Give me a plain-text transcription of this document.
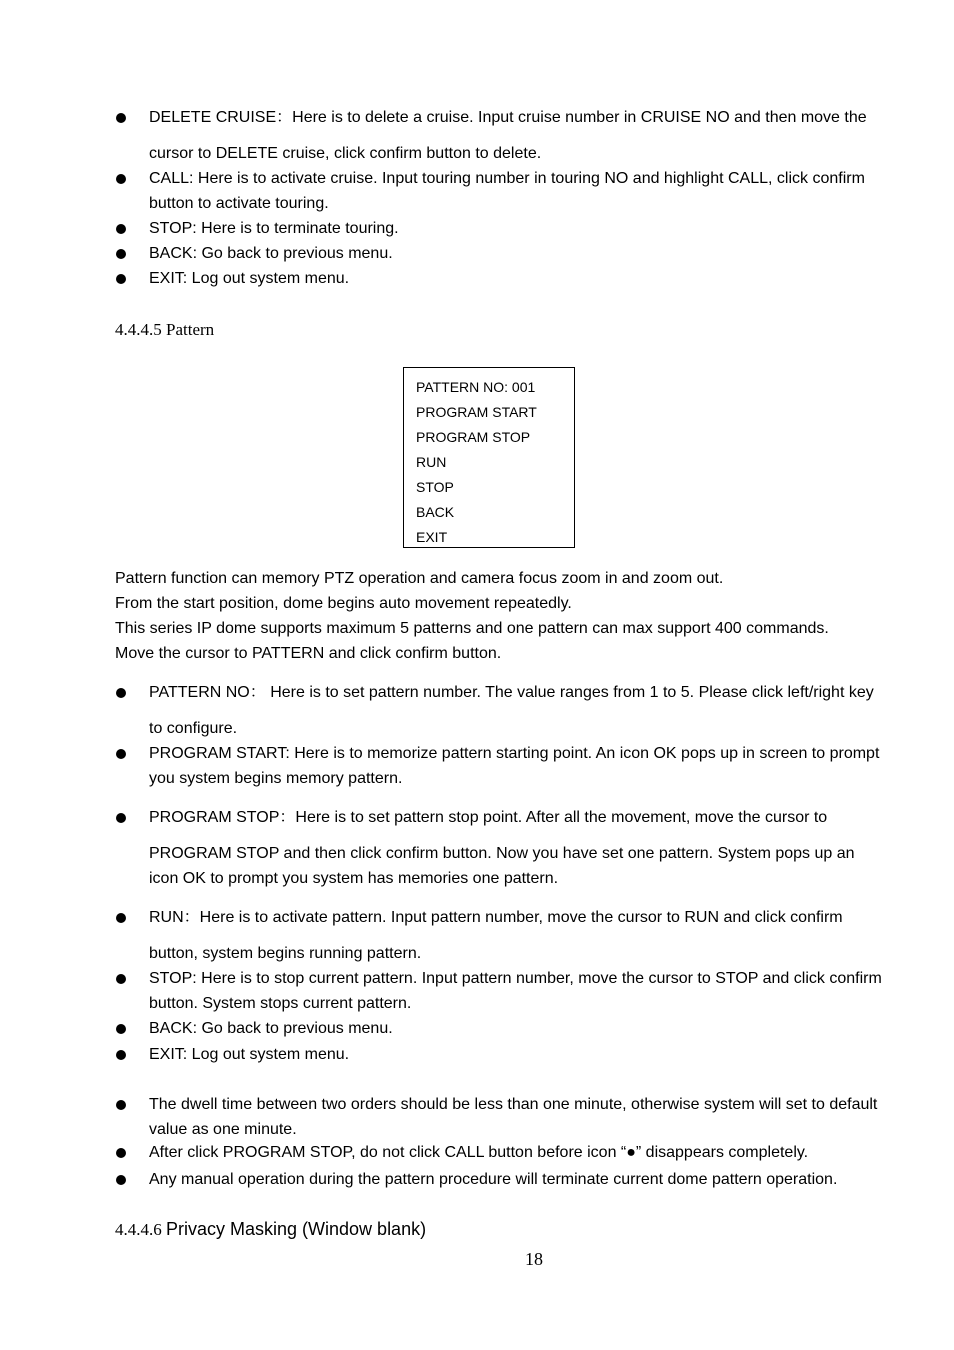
DELETE CRUISE：Here is to delete a cruise. Input cruise number in CRUISE NO and then move the
cursor to DELETE cruise, click confirm button to delete.
CALL: Here is to activate cruise. Input touring number in touring NO and highlight CALL, click confirm
button to activate touring.
STOP: Here is to terminate touring.
BACK: Go back to previous menu.
EXIT: Log out system menu.
4.4.4.5 Pattern
PATTERN NO: 001
PROGRAM START
PROGRAM STOP
RUN
STOP
BACK
EXIT
Pattern function can memory PTZ operation and camera focus zoom in and zoom out.
From the start position, dome begins auto movement repeatedly.
This series IP dome supports maximum 5 patterns and one pattern can max support 400 commands.
Move the cursor to PATTERN and click confirm button.
PATTERN NO： Here is to set pattern number. The value ranges from 1 to 5. Please click left/right key
to configure.
PROGRAM START: Here is to memorize pattern starting point. An icon OK pops up in screen to prompt
you system begins memory pattern.
PROGRAM STOP：Here is to set pattern stop point. After all the movement, move the cursor to
PROGRAM STOP and then click confirm button. Now you have set one pattern. System pops up an
icon OK to prompt you system has memories one pattern.
RUN：Here is to activate pattern. Input pattern number, move the cursor to RUN and click confirm
button, system begins running pattern.
STOP: Here is to stop current pattern. Input pattern number, move the cursor to STOP and click confirm
button. System stops current pattern.
BACK: Go back to previous menu.
EXIT: Log out system menu.
The dwell time between two orders should be less than one minute, otherwise system will set to default
value as one minute.
After click PROGRAM STOP, do not click CALL button before icon “●” disappears completely.
Any manual operation during the pattern procedure will terminate current dome pattern operation.
4.4.4.6 Privacy Masking (Window blank)
18
